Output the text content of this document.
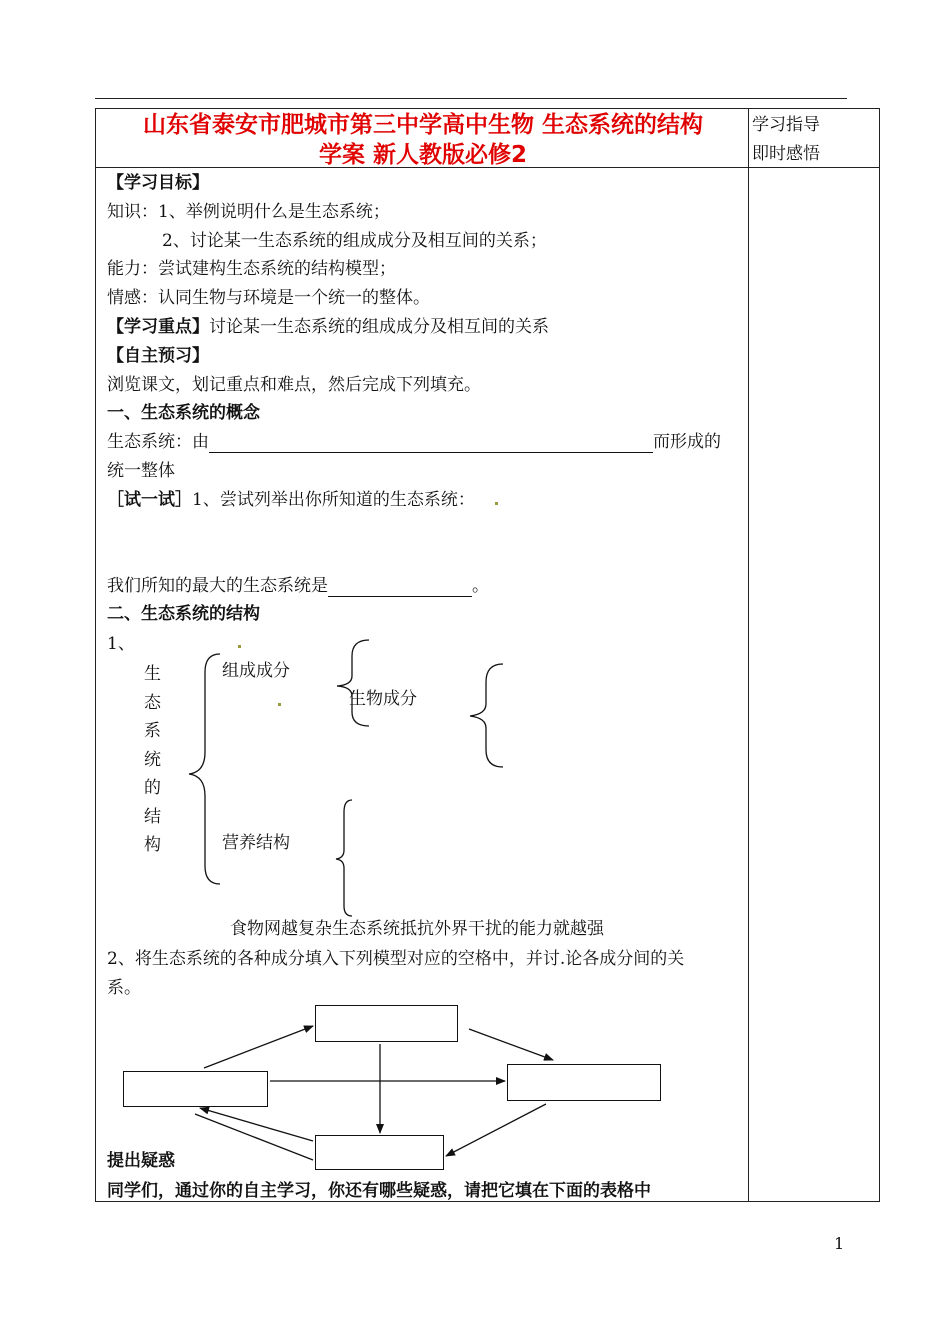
山东省泰安市肥城市第三中学高中生物 生态系统的结构
学案 新人教版必修2
学习指导
即时感悟
【学习目标】
知识：1、举例说明什么是生态系统；
2、讨论某一生态系统的组成成分及相互间的关系；
能力：尝试建构生态系统的结构模型；
情感：认同生物与环境是一个统一的整体。
【学习重点】讨论某一生态系统的组成成分及相互间的关系
【自主预习】
浏览课文，划记重点和难点，然后完成下列填充。
一、生态系统的概念
生态系统：由	而形成的
统一整体
［试一试］1、尝试列举出你所知道的生态系统：
我们所知的最大的生态系统是	。
二、生态系统的结构
1、
生
态
系
统
的
结
构
组成成分
生物成分
营养结构
食物网越复杂生态系统抵抗外界干扰的能力就越强
2、将生态系统的各种成分填入下列模型对应的空格中，并讨.论各成分间的关
系。
提出疑惑
同学们，通过你的自主学习，你还有哪些疑惑，请把它填在下面的表格中
1
